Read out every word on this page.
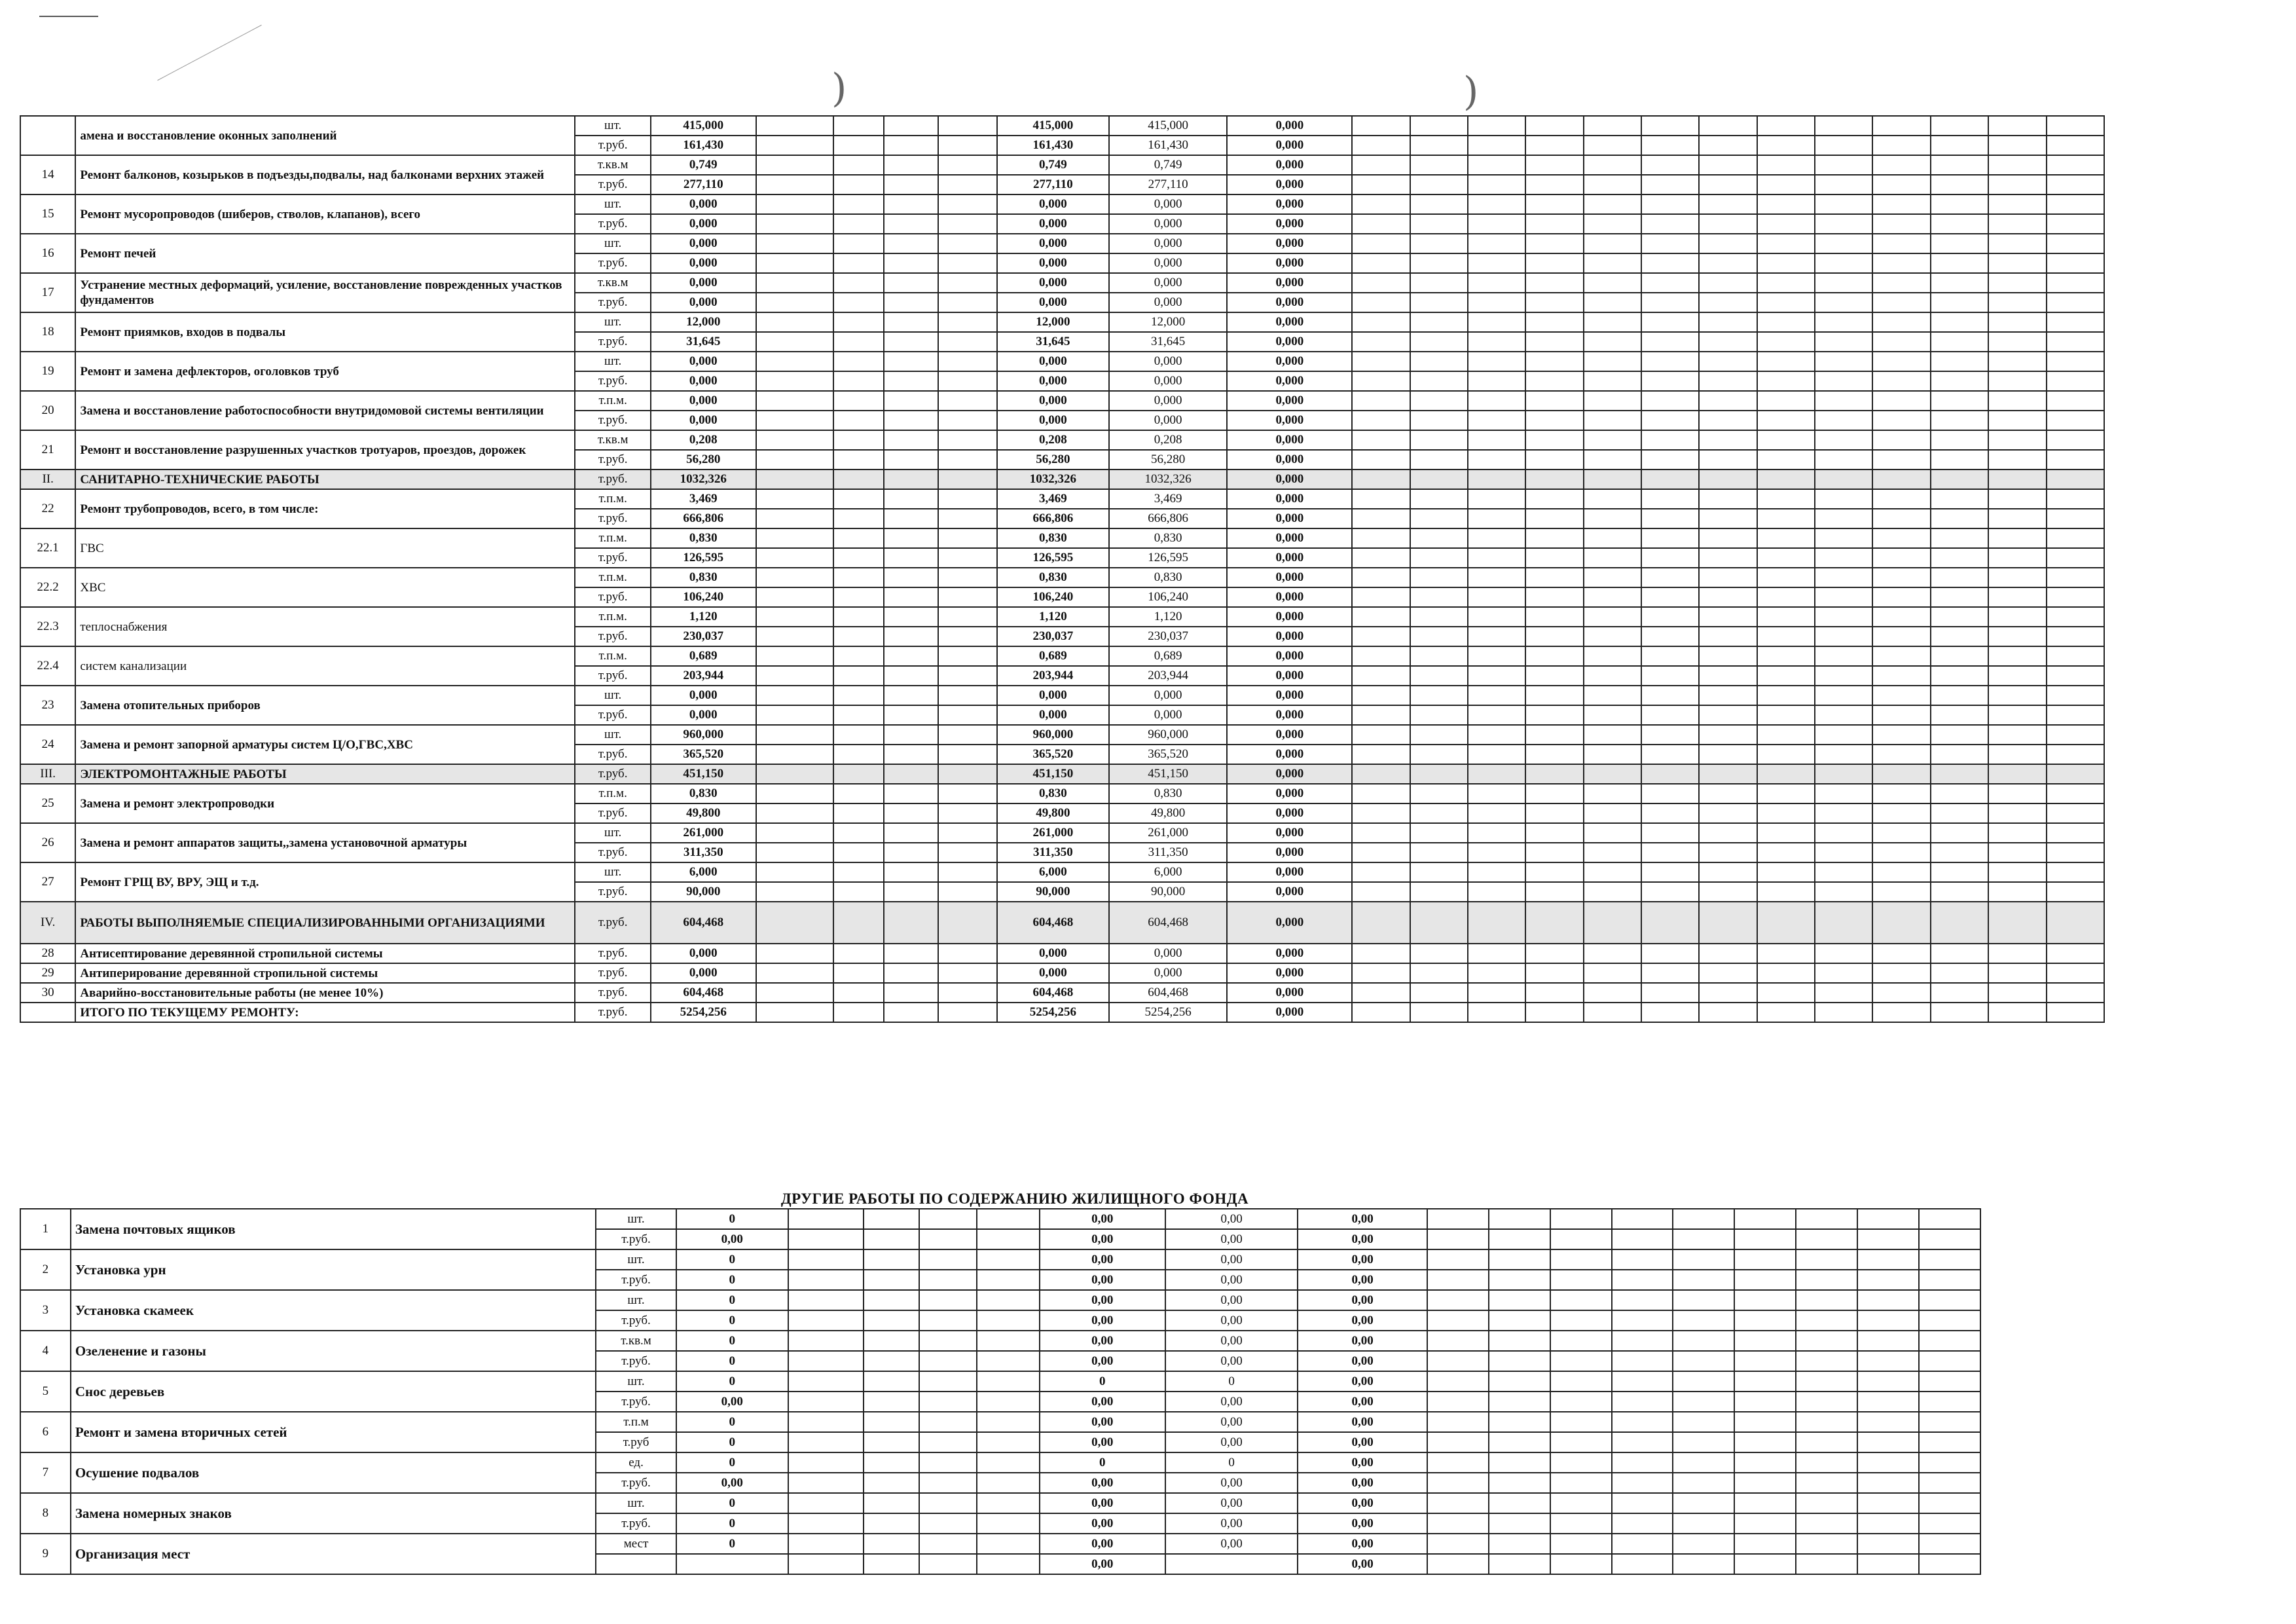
)	)
	амена и восстановление оконных заполнений	шт.	415,000					415,000	415,000	0,000													
		т.руб.	161,430					161,430	161,430	0,000													
14	Ремонт балконов, козырьков в подъезды,подвалы, над балконами верхних этажей	т.кв.м	0,749					0,749	0,749	0,000													
		т.руб.	277,110					277,110	277,110	0,000													
15	Ремонт мусоропроводов (шиберов, стволов, клапанов), всего	шт.	0,000					0,000	0,000	0,000													
		т.руб.	0,000					0,000	0,000	0,000													
16	Ремонт печей	шт.	0,000					0,000	0,000	0,000													
		т.руб.	0,000					0,000	0,000	0,000													
17	Устранение местных деформаций, усиление, восстановление поврежденных участков фундаментов	т.кв.м	0,000					0,000	0,000	0,000													
		т.руб.	0,000					0,000	0,000	0,000													
18	Ремонт приямков, входов в подвалы	шт.	12,000					12,000	12,000	0,000													
		т.руб.	31,645					31,645	31,645	0,000													
19	Ремонт и замена дефлекторов, оголовков труб	шт.	0,000					0,000	0,000	0,000													
		т.руб.	0,000					0,000	0,000	0,000													
20	Замена и восстановление работоспособности внутридомовой системы вентиляции	т.п.м.	0,000					0,000	0,000	0,000													
		т.руб.	0,000					0,000	0,000	0,000													
21	Ремонт и восстановление разрушенных участков тротуаров, проездов, дорожек	т.кв.м	0,208					0,208	0,208	0,000													
		т.руб.	56,280					56,280	56,280	0,000													
II.	САНИТАРНО-ТЕХНИЧЕСКИЕ РАБОТЫ	т.руб.	1032,326					1032,326	1032,326	0,000													
22	Ремонт трубопроводов, всего, в том числе:	т.п.м.	3,469					3,469	3,469	0,000													
		т.руб.	666,806					666,806	666,806	0,000													
22.1	ГВС	т.п.м.	0,830					0,830	0,830	0,000													
		т.руб.	126,595					126,595	126,595	0,000													
22.2	ХВС	т.п.м.	0,830					0,830	0,830	0,000													
		т.руб.	106,240					106,240	106,240	0,000													
22.3	теплоснабжения	т.п.м.	1,120					1,120	1,120	0,000													
		т.руб.	230,037					230,037	230,037	0,000													
22.4	систем канализации	т.п.м.	0,689					0,689	0,689	0,000													
		т.руб.	203,944					203,944	203,944	0,000													
23	Замена отопительных приборов	шт.	0,000					0,000	0,000	0,000													
		т.руб.	0,000					0,000	0,000	0,000													
24	Замена и ремонт запорной арматуры систем Ц/О,ГВС,ХВС	шт.	960,000					960,000	960,000	0,000													
		т.руб.	365,520					365,520	365,520	0,000													
III.	ЭЛЕКТРОМОНТАЖНЫЕ РАБОТЫ	т.руб.	451,150					451,150	451,150	0,000													
25	Замена и ремонт электропроводки	т.п.м.	0,830					0,830	0,830	0,000													
		т.руб.	49,800					49,800	49,800	0,000													
26	Замена и ремонт аппаратов защиты,,замена установочной арматуры	шт.	261,000					261,000	261,000	0,000													
		т.руб.	311,350					311,350	311,350	0,000													
27	Ремонт ГРЩ ВУ, ВРУ, ЭЩ и т.д.	шт.	6,000					6,000	6,000	0,000													
		т.руб.	90,000					90,000	90,000	0,000													
IV.	РАБОТЫ ВЫПОЛНЯЕМЫЕ СПЕЦИАЛИЗИРОВАННЫМИ ОРГАНИЗАЦИЯМИ	т.руб.	604,468					604,468	604,468	0,000													
28	Антисептирование деревянной стропильной системы	т.руб.	0,000					0,000	0,000	0,000													
29	Антиперирование деревянной стропильной системы	т.руб.	0,000					0,000	0,000	0,000													
30	Аварийно-восстановительные работы (не менее 10%)	т.руб.	604,468					604,468	604,468	0,000													
	ИТОГО ПО ТЕКУЩЕМУ РЕМОНТУ:	т.руб.	5254,256					5254,256	5254,256	0,000													
ДРУГИЕ РАБОТЫ ПО СОДЕРЖАНИЮ ЖИЛИЩНОГО ФОНДА
1	Замена почтовых ящиков	шт.	0					0,00	0,00	0,00									
		т.руб.	0,00					0,00	0,00	0,00									
2	Установка урн	шт.	0					0,00	0,00	0,00									
		т.руб.	0					0,00	0,00	0,00									
3	Установка скамеек	шт.	0					0,00	0,00	0,00									
		т.руб.	0					0,00	0,00	0,00									
4	Озеленение и газоны	т.кв.м	0					0,00	0,00	0,00									
		т.руб.	0					0,00	0,00	0,00									
5	Снос деревьев	шт.	0					0	0	0,00									
		т.руб.	0,00					0,00	0,00	0,00									
6	Ремонт и замена вторичных сетей	т.п.м	0					0,00	0,00	0,00									
		т.руб	0					0,00	0,00	0,00									
7	Осушение подвалов	ед.	0					0	0	0,00									
		т.руб.	0,00					0,00	0,00	0,00									
8	Замена номерных знаков	шт.	0					0,00	0,00	0,00									
		т.руб.	0					0,00	0,00	0,00									
9	Организация мест	мест	0					0,00	0,00	0,00									
								0,00		0,00									
